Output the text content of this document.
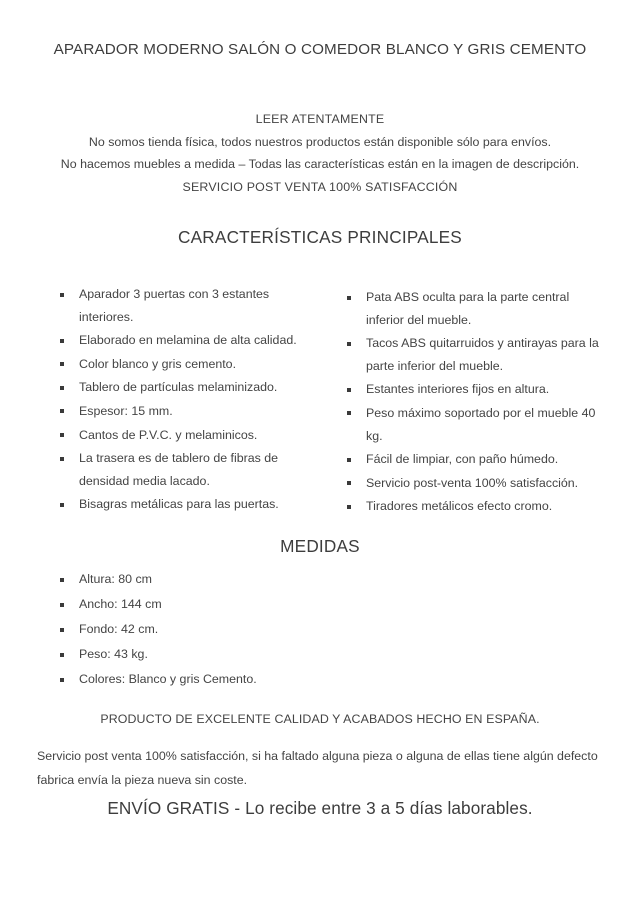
APARADOR MODERNO SALÓN O COMEDOR BLANCO Y GRIS CEMENTO
LEER ATENTAMENTE
No somos tienda física, todos nuestros productos están disponible sólo para envíos.
No hacemos muebles a medida – Todas las características están en la imagen de descripción.
SERVICIO POST VENTA 100% SATISFACCIÓN
CARACTERÍSTICAS PRINCIPALES
Aparador 3 puertas con 3 estantes interiores.
Elaborado en melamina de alta calidad.
Color blanco y gris cemento.
Tablero de partículas melaminizado.
Espesor: 15 mm.
Cantos de P.V.C. y melaminicos.
La trasera es de tablero de fibras de densidad media lacado.
Bisagras metálicas para las puertas.
Pata ABS oculta para la parte central inferior del mueble.
Tacos ABS quitarruidos y antirayas para la parte inferior del mueble.
Estantes interiores fijos en altura.
Peso máximo soportado por el mueble 40 kg.
Fácil de limpiar, con paño húmedo.
Servicio post-venta 100% satisfacción.
Tiradores metálicos efecto cromo.
MEDIDAS
Altura: 80 cm
Ancho: 144 cm
Fondo: 42 cm.
Peso: 43 kg.
Colores: Blanco y gris Cemento.
PRODUCTO DE EXCELENTE CALIDAD Y ACABADOS HECHO EN ESPAÑA.
Servicio post venta 100% satisfacción, si ha faltado alguna pieza o alguna de ellas tiene algún defecto fabrica envía la pieza nueva sin coste.
ENVÍO GRATIS - Lo recibe entre 3 a 5 días laborables.
